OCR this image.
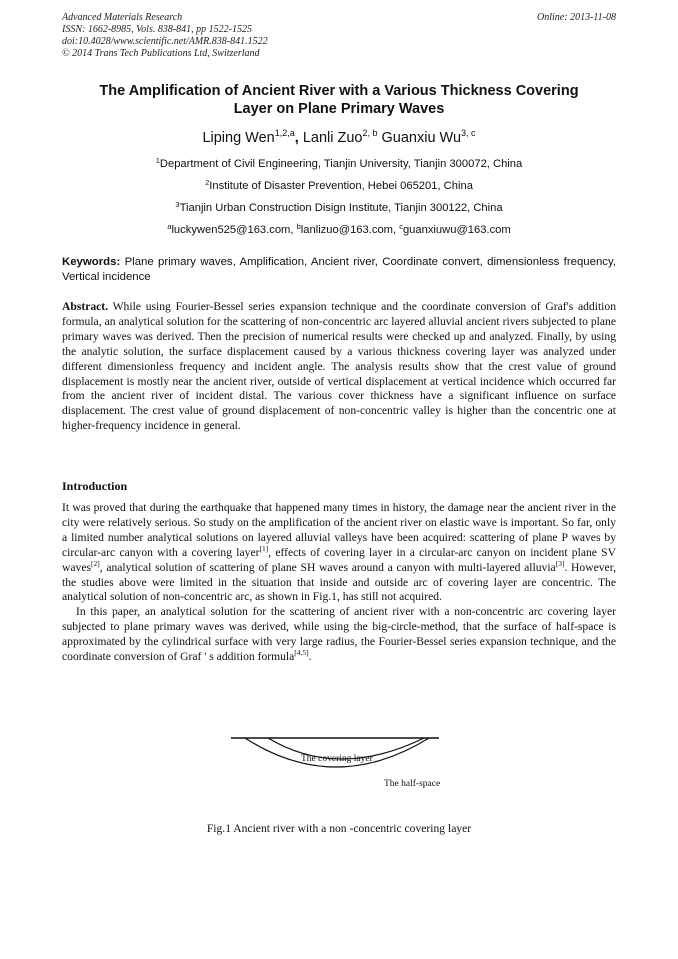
Advanced Materials Research
ISSN: 1662-8985, Vols. 838-841, pp 1522-1525
doi:10.4028/www.scientific.net/AMR.838-841.1522
© 2014 Trans Tech Publications Ltd, Switzerland
Online: 2013-11-08
The Amplification of Ancient River with a Various Thickness Covering
Layer on Plane Primary Waves
Liping Wen$^{1,2,a}$, Lanli Zuo$^{2, b}$ Guanxiu Wu$^{3, c}$
$^1$Department of Civil Engineering, Tianjin University, Tianjin 300072, China
$^2$Institute of Disaster Prevention, Hebei 065201, China
$^3$Tianjin Urban Construction Disign Institute, Tianjin 300122, China
$^a$luckywen525@163.com, $^b$lanlizuo@163.com, $^c$guanxiuwu@163.com
Keywords: Plane primary waves, Amplification, Ancient river, Coordinate convert, dimensionless frequency, Vertical incidence
Abstract. While using Fourier-Bessel series expansion technique and the coordinate conversion of Graf's addition formula, an analytical solution for the scattering of non-concentric arc layered alluvial ancient rivers subjected to plane primary waves was derived. Then the precision of numerical results were checked up and analyzed. Finally, by using the analytic solution, the surface displacement caused by a various thickness covering layer was analyzed under different dimensionless frequency and incident angle. The analysis results show that the crest value of ground displacement is mostly near the ancient river, outside of vertical displacement at vertical incidence which occurred far from the ancient river of incident distal. The various cover thickness have a significant influence on surface displacement. The crest value of ground displacement of non-concentric valley is higher than the concentric one at higher-frequency incidence in general.
Introduction

It was proved that during the earthquake that happened many times in history, the damage near the ancient river in the city were relatively serious. So study on the amplification of the ancient river on elastic wave is important. So far, only a limited number analytical solutions on layered alluvial valleys have been acquired: scattering of plane P waves by circular-arc canyon with a covering layer[1], effects of covering layer in a circular-arc canyon on incident plane SV waves[2], analytical solution of scattering of plane SH waves around a canyon with multi-layered alluvia[3]. However, the studies above were limited in the situation that inside and outside arc of covering layer are concentric. The analytical solution of non-concentric arc, as shown in Fig.1, has still not acquired.

In this paper, an analytical solution for the scattering of ancient river with a non-concentric arc covering layer subjected to plane primary waves was derived, while using the big-circle-method, that the surface of half-space is approximated by the cylindrical surface with very large radius, the Fourier-Bessel series expansion technique, and the coordinate conversion of Graf ' s addition formula[4,5].

The covering layer
The half-space
Fig.1 Ancient river with a non -concentric covering layer
